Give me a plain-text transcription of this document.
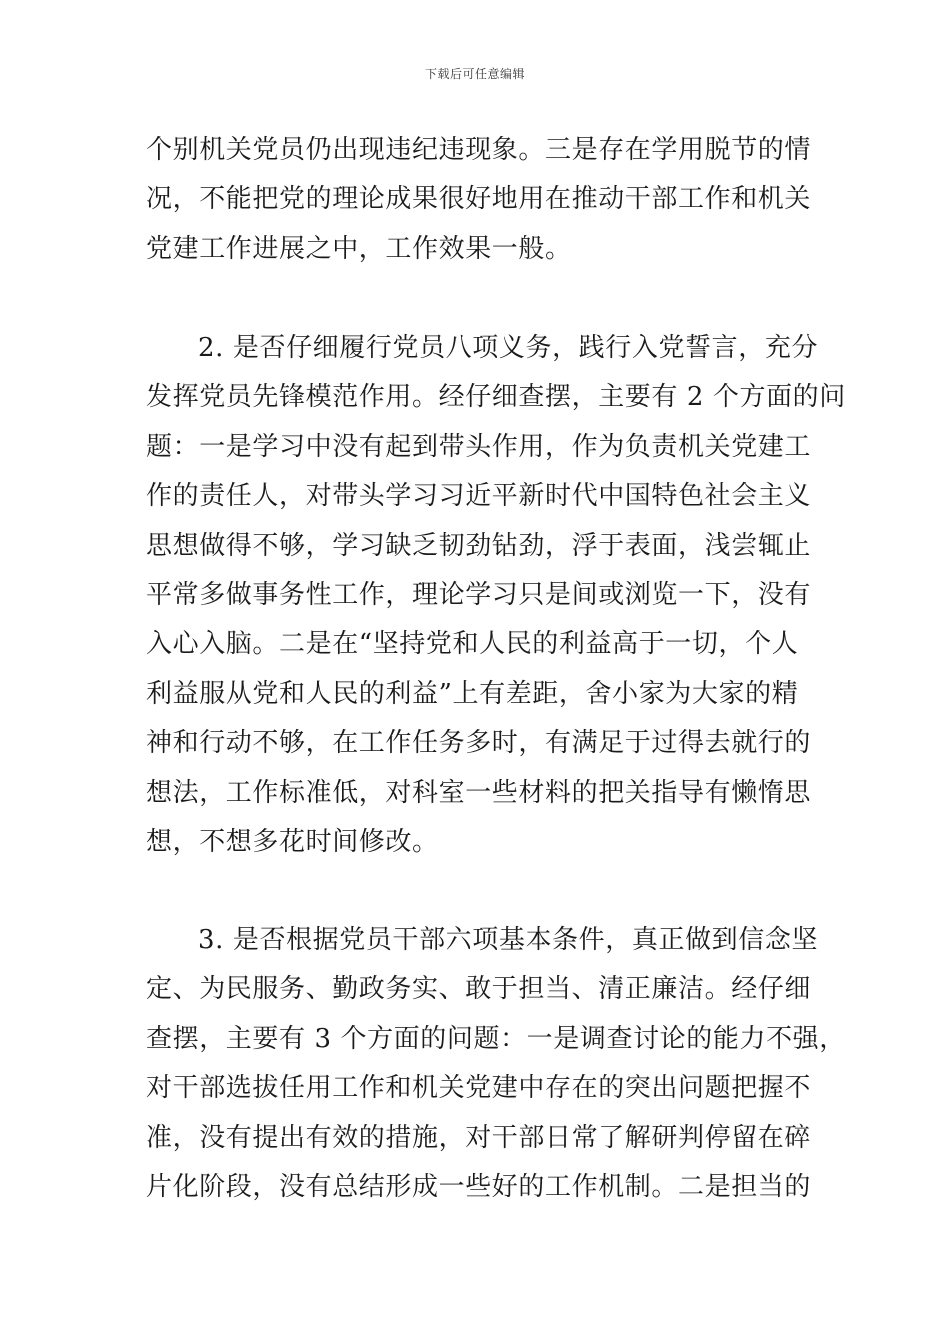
下载后可任意编辑
个别机关党员仍出现违纪违现象。三是存在学用脱节的情
况，不能把党的理论成果很好地用在推动干部工作和机关
党建工作进展之中，工作效果一般。
2. 是否仔细履行党员八项义务，践行入党誓言，充分
发挥党员先锋模范作用。经仔细查摆，主要有 2 个方面的问
题：一是学习中没有起到带头作用，作为负责机关党建工
作的责任人，对带头学习习近平新时代中国特色社会主义
思想做得不够，学习缺乏韧劲钻劲，浮于表面，浅尝辄止
平常多做事务性工作，理论学习只是间或浏览一下，没有
入心入脑。二是在“坚持党和人民的利益高于一切，个人
利益服从党和人民的利益”上有差距，舍小家为大家的精
神和行动不够，在工作任务多时，有满足于过得去就行的
想法，工作标准低，对科室一些材料的把关指导有懒惰思
想，不想多花时间修改。
3. 是否根据党员干部六项基本条件，真正做到信念坚
定、为民服务、勤政务实、敢于担当、清正廉洁。经仔细
查摆，主要有 3 个方面的问题：一是调查讨论的能力不强，
对干部选拔任用工作和机关党建中存在的突出问题把握不
准，没有提出有效的措施，对干部日常了解研判停留在碎
片化阶段，没有总结形成一些好的工作机制。二是担当的
